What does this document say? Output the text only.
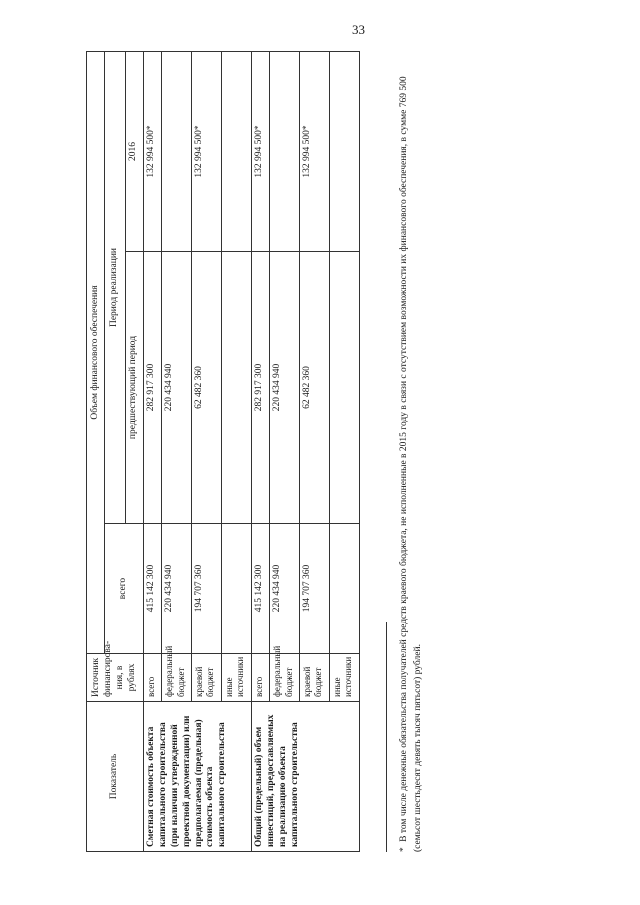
33
Показатель	Источник финансирова-ния, в рублях	Объем финансового обеспечения		
		всего	Период реализации	
			предшествующий период	2016
Сметная стоимость объекта капитального строительства (при наличии утвержденной проектной документации) или предполагаемая (предельная) стоимость объекта капитального строительства	всего	415 142 300	282 917 300	132 994 500*
	федеральный бюджет	220 434 940	220 434 940	
	краевой бюджет	194 707 360	62 482 360	132 994 500*
	иные источники			
Общий (предельный) объем инвестиций, предоставляемых на реализацию объекта капитального строительства	всего	415 142 300	282 917 300	132 994 500*
	федеральный бюджет	220 434 940	220 434 940	
	краевой бюджет	194 707 360	62 482 360	132 994 500*
	иные источники			
* В том числе денежные обязательства получателей средств краевого бюджета, не исполненные в 2015 году в связи с отсутствием возможности их финансового обеспечения, в сумме 769 500 (семьсот шестьдесят девять тысяч пятьсот) рублей.
